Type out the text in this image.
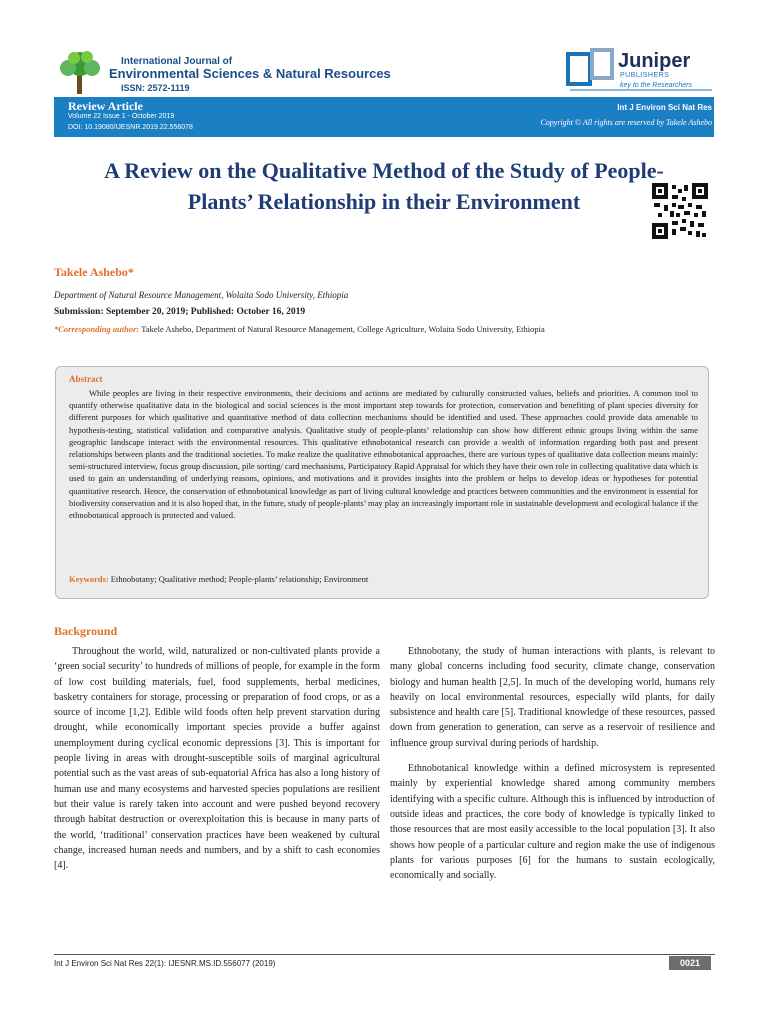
International Journal of
Environmental Sciences & Natural Resources
ISSN: 2572-1119
Juniper
PUBLISHERS
key to the Researchers
Review Article
Volume 22 Issue 1 - October 2019
DOI: 10.19080/IJESNR.2019.22.556078
Int J Environ Sci Nat Res
Copyright © All rights are reserved by Takele Ashebo
A Review on the Qualitative Method of the Study of People-Plants’ Relationship in their Environment
Takele Ashebo*
Department of Natural Resource Management, Wolaita Sodo University, Ethiopia
Submission: September 20, 2019; Published: October 16, 2019
*Corresponding author: Takele Ashebo, Department of Natural Resource Management, College Agriculture, Wolaita Sodo University, Ethiopia
Abstract
While peoples are living in their respective environments, their decisions and actions are mediated by culturally constructed values, beliefs and priorities. A common tool to quantify otherwise qualitative data in the biological and social sciences is the most important step towards for protection, conservation and benefiting of plant species diversity for different purposes for which qualitative and quantitative method of data collection mechanisms should be identified and used. These approaches could provide data amenable to hypothesis-testing, statistical validation and comparative analysis. Qualitative study of people-plants’ relationship can show how different ethnic groups living within the same geographic landscape interact with the environmental resources. This qualitative ethnobotanical research can provide a wealth of information regarding both past and present relationships between plants and the traditional societies. To make realize the qualitative ethnobotanical approaches, there are various types of qualitative data collection means mainly: semi-structured interview, focus group discussion, pile sorting/ card mechanisms, Participatory Rapid Appraisal for which they have their own role in collecting qualitative data which is used to gain an understanding of underlying reasons, opinions, and motivations and it provides insights into the problem or helps to develop ideas or hypotheses for potential quantitative research. Hence, the conservation of ethnobotanical knowledge as part of living cultural knowledge and practices between communities and the environment is essential for biodiversity conservation and it is also hoped that, in the future, study of people-plants’ may play an increasingly important role in sustainable development and ecological balance if the ethnobotanical approach is protected and valued.
Keywords: Ethnobotany; Qualitative method; People-plants’ relationship; Environment
Background
Throughout the world, wild, naturalized or non-cultivated plants provide a ‘green social security’ to hundreds of millions of people, for example in the form of low cost building materials, fuel, food supplements, herbal medicines, basketry containers for storage, processing or preparation of food crops, or as a source of income [1,2]. Edible wild foods often help prevent starvation during drought, while economically important species provide a buffer against unemployment during cyclical economic depressions [3]. This is important for people living in areas with drought-susceptible soils of marginal agricultural potential such as the vast areas of sub-equatorial Africa has also a long history of human use and many ecosystems and harvested species populations are resilient but their value is rarely taken into account and were pushed beyond recovery through habitat destruction or overexploitation this is because in many parts of the world, ‘traditional’ conservation practices have been weakened by cultural change, increased human needs and numbers, and by a shift to cash economies [4].

Ethnobotany, the study of human interactions with plants, is relevant to many global concerns including food security, climate change, conservation biology and human health [2,5]. In much of the developing world, humans rely heavily on local environmental resources, especially wild plants, for daily subsistence and health care [5]. Traditional knowledge of these resources, passed down from generation to generation, can serve as a reservoir of resilience and influence group survival during periods of hardship.

Ethnobotanical knowledge within a defined microsystem is represented mainly by experiential knowledge shared among community members identifying with a specific culture. Although this is influenced by introduction of outside ideas and practices, the core body of knowledge is typically linked to those resources that are most easily accessible to the local population [3]. It also shows how people of a particular culture and region make the use of indigenous plants for various purposes [6] for the humans to sustain ecologically, economically and socially.

Int J Environ Sci Nat Res 22(1): IJESNR.MS.ID.556077 (2019)	0021
